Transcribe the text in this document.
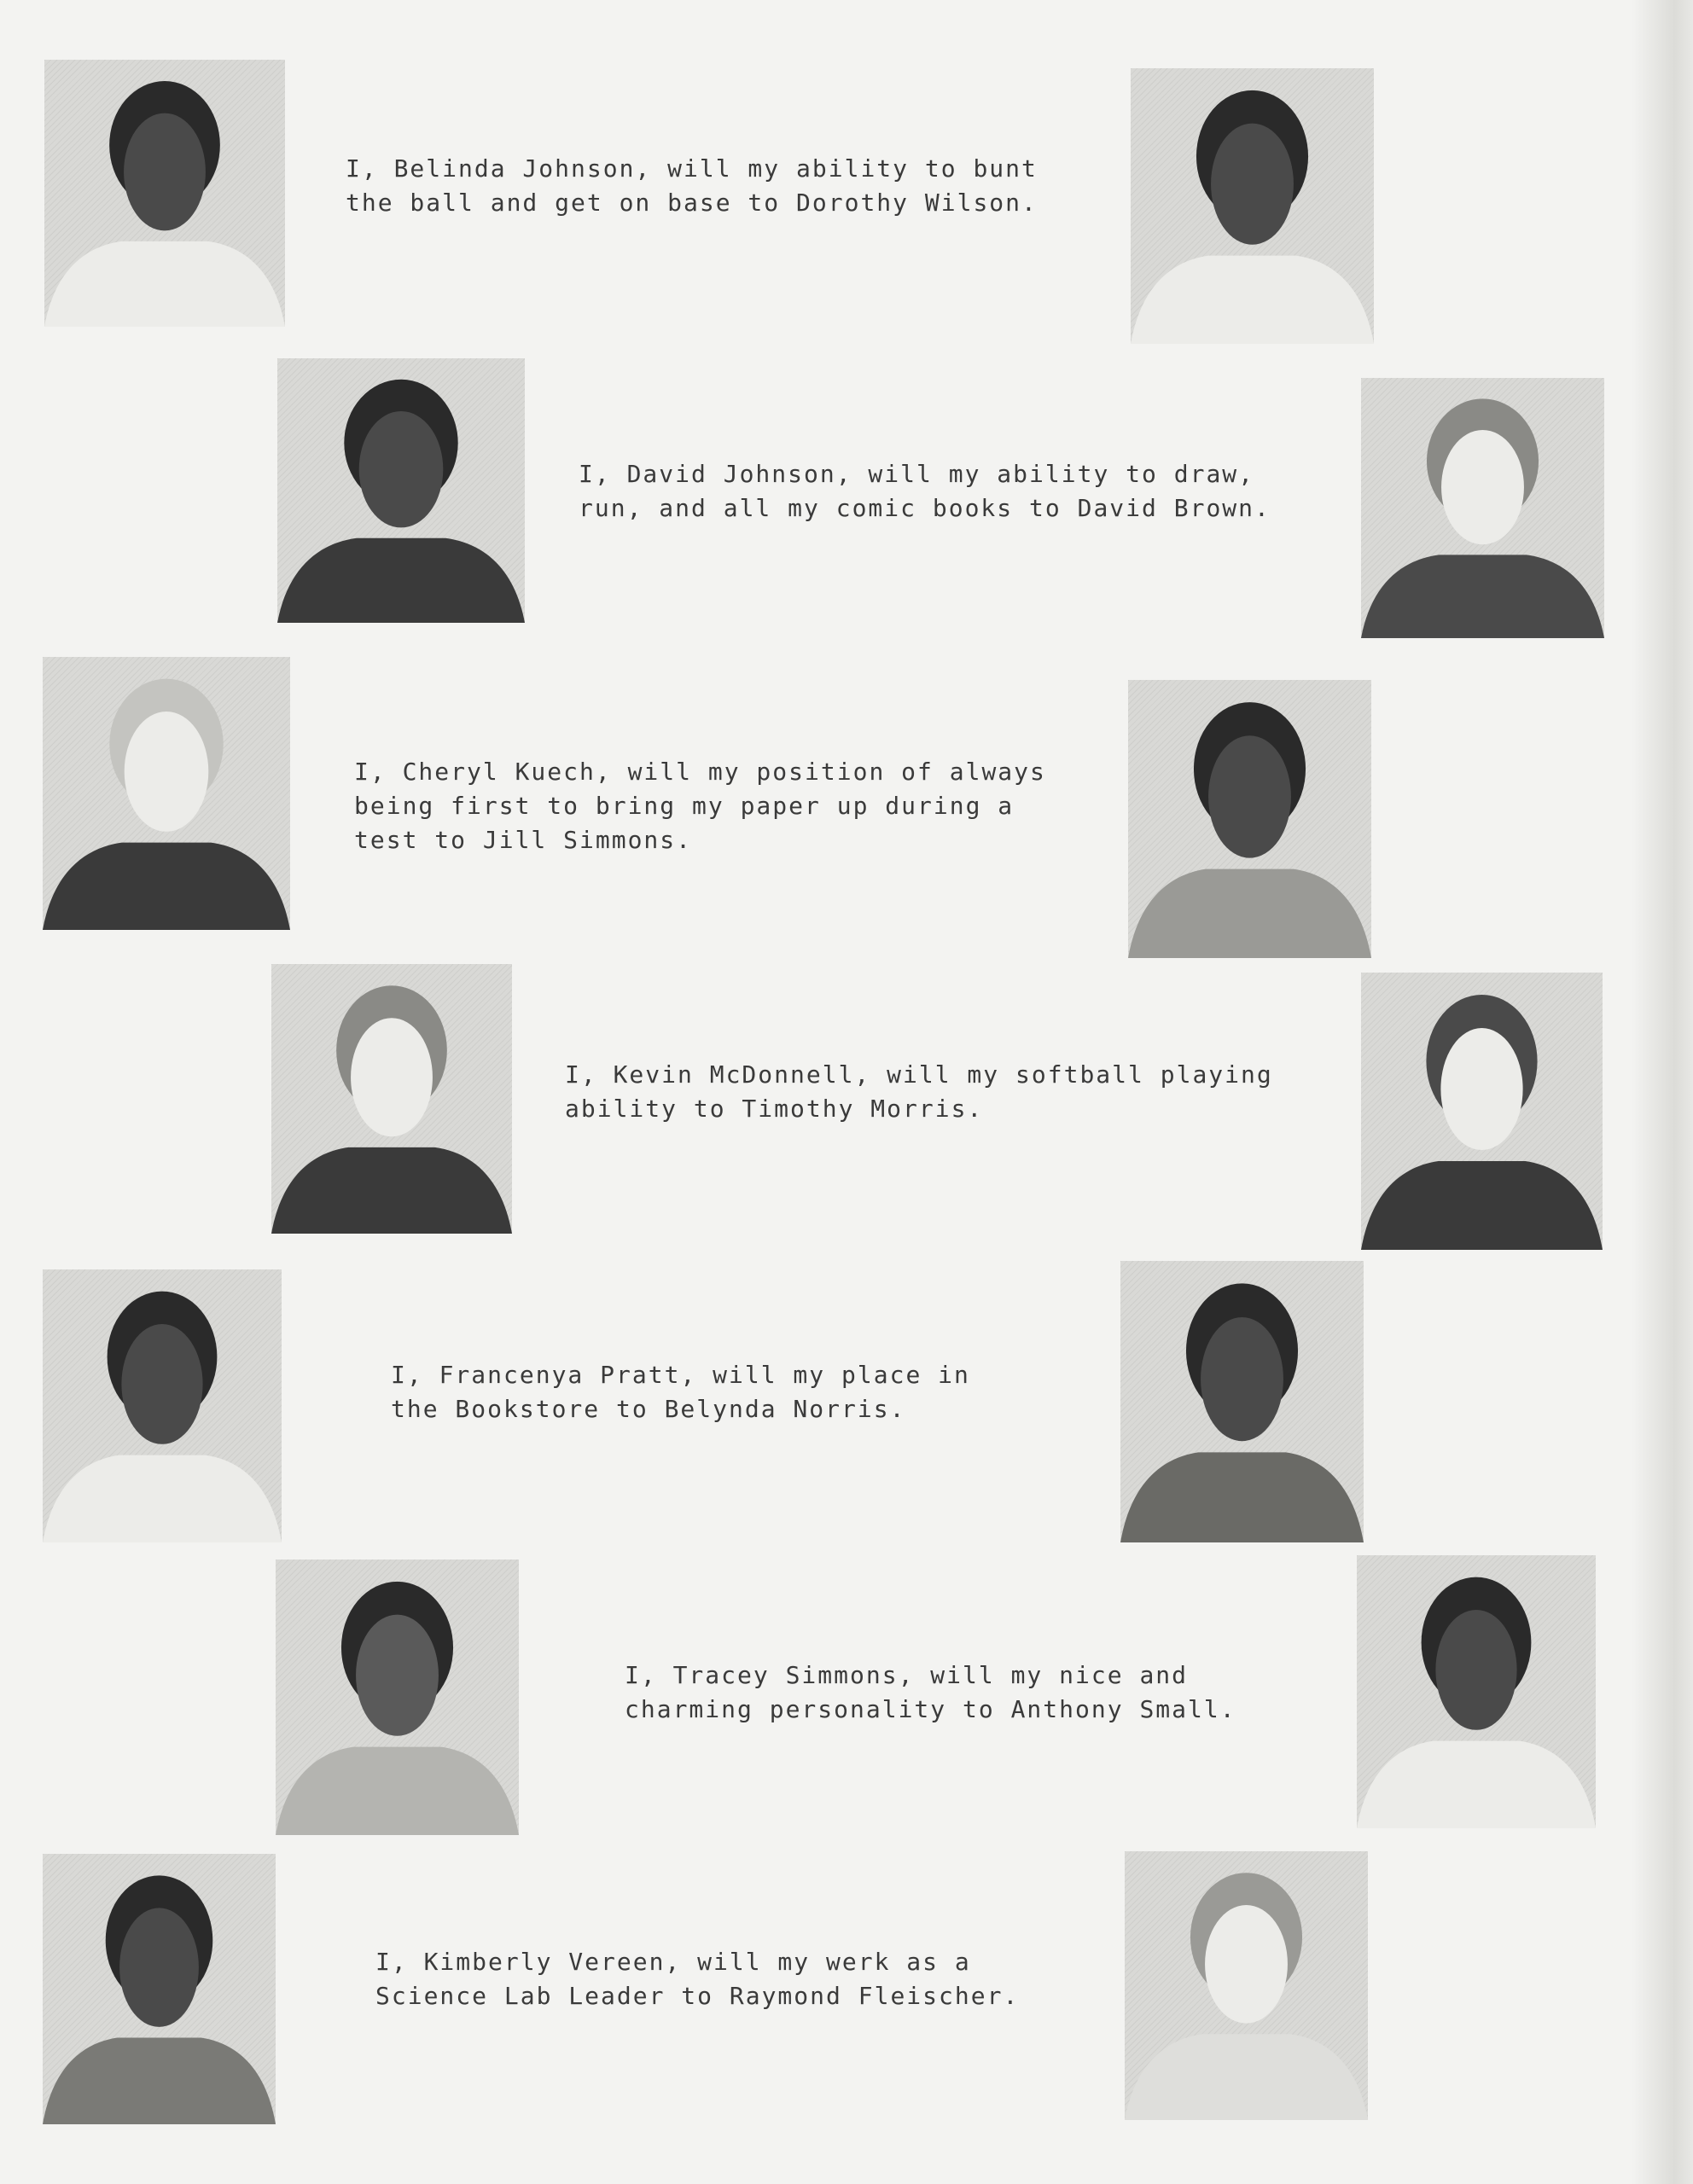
I, Belinda Johnson, will my ability to bunt
the ball and get on base to Dorothy Wilson.

I, David Johnson, will my ability to draw,
run, and all my comic books to David Brown.

I, Cheryl Kuech, will my position of always
being first to bring my paper up during a
test to Jill Simmons.

I, Kevin McDonnell, will my softball playing
ability to Timothy Morris.

I, Francenya Pratt, will my place in
the Bookstore to Belynda Norris.

I, Tracey Simmons, will my nice and
charming personality to Anthony Small.

I, Kimberly Vereen, will my werk as a
Science Lab Leader to Raymond Fleischer.
